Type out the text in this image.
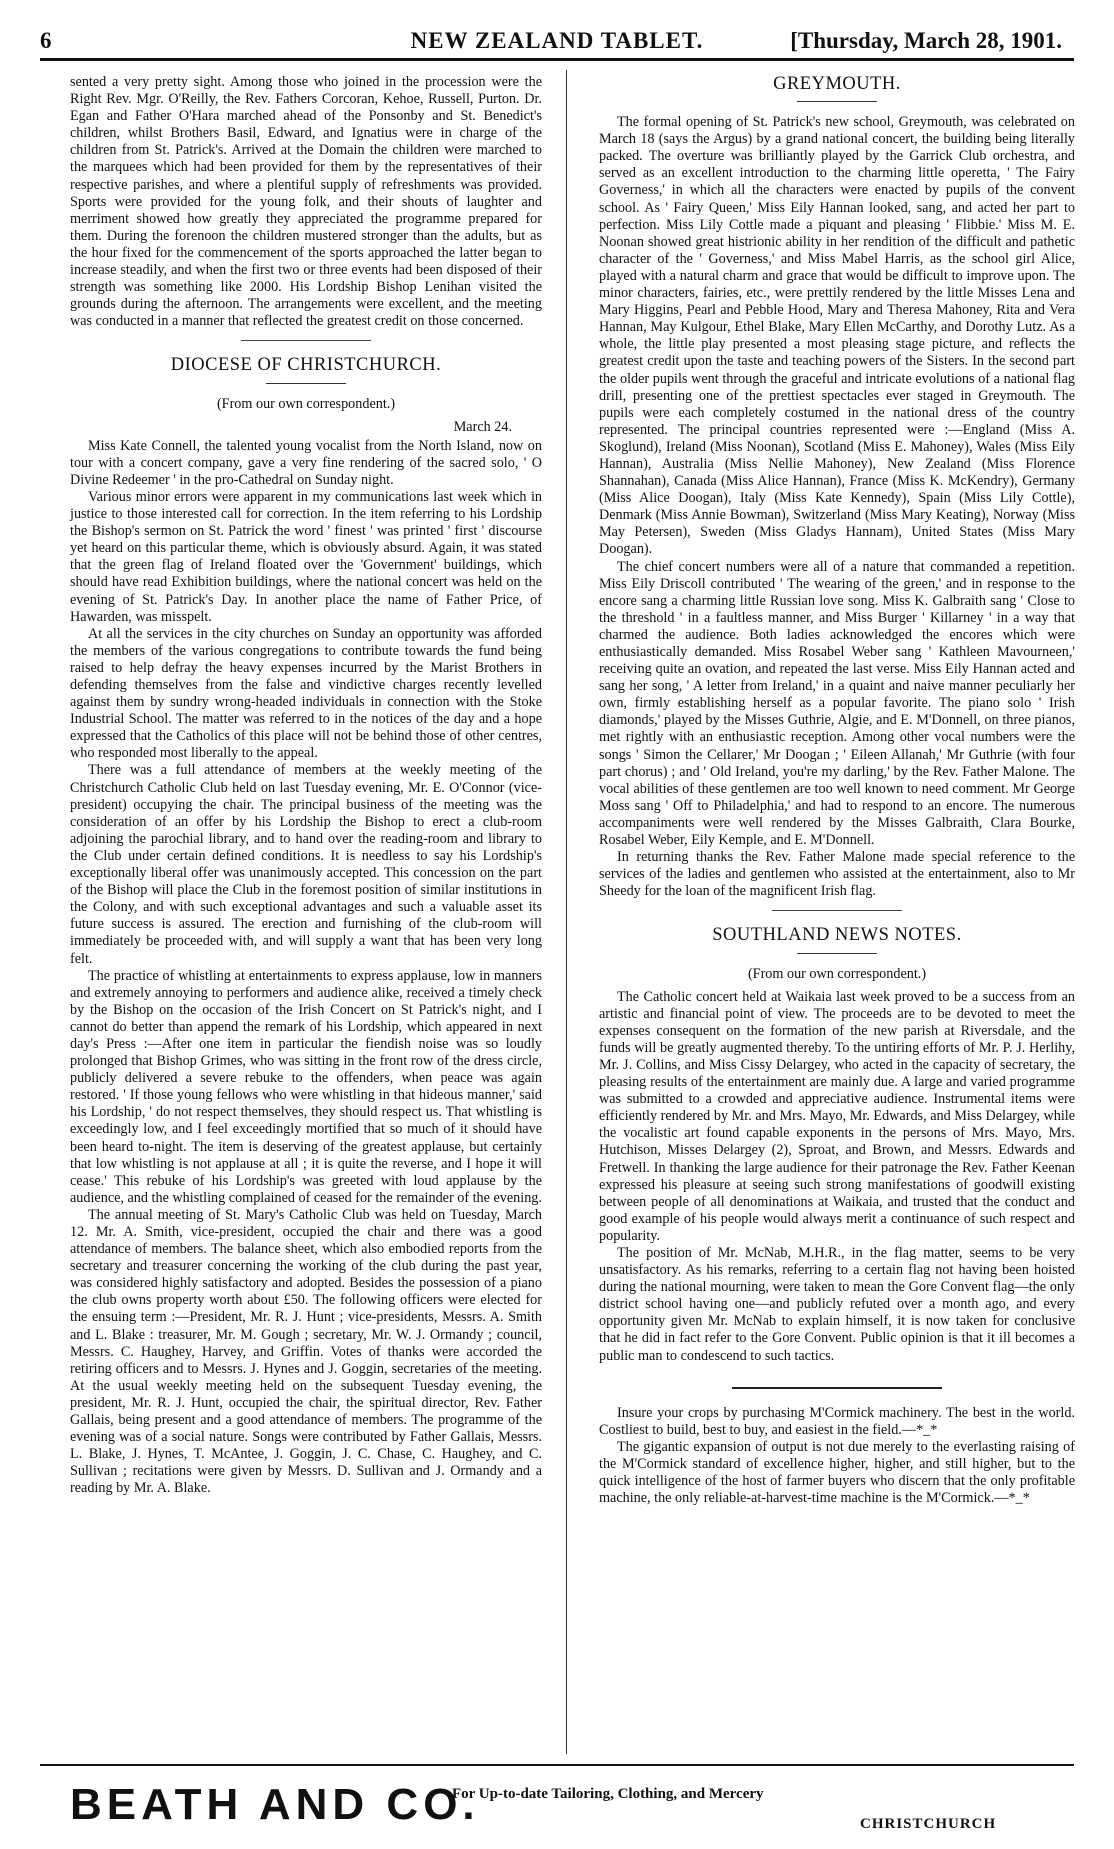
6	NEW ZEALAND TABLET.	[Thursday, March 28, 1901.

sented a very pretty sight. Among those who joined in the procession were the Right Rev. Mgr. O'Reilly, the Rev. Fathers Corcoran, Kehoe, Russell, Purton. Dr. Egan and Father O'Hara marched ahead of the Ponsonby and St. Benedict's children, whilst Brothers Basil, Edward, and Ignatius were in charge of the children from St. Patrick's. Arrived at the Domain the children were marched to the marquees which had been provided for them by the representatives of their respective parishes, and where a plentiful supply of refreshments was provided. Sports were provided for the young folk, and their shouts of laughter and merriment showed how greatly they appreciated the programme prepared for them. During the forenoon the children mustered stronger than the adults, but as the hour fixed for the commencement of the sports approached the latter began to increase steadily, and when the first two or three events had been disposed of their strength was something like 2000. His Lordship Bishop Lenihan visited the grounds during the afternoon. The arrangements were excellent, and the meeting was conducted in a manner that reflected the greatest credit on those concerned.

DIOCESE OF CHRISTCHURCH.
(From our own correspondent.)
March 24.

Miss Kate Connell, the talented young vocalist from the North Island, now on tour with a concert company, gave a very fine rendering of the sacred solo, ' O Divine Redeemer ' in the pro-Cathedral on Sunday night.

Various minor errors were apparent in my communications last week which in justice to those interested call for correction. In the item referring to his Lordship the Bishop's sermon on St. Patrick the word ' finest ' was printed ' first ' discourse yet heard on this particular theme, which is obviously absurd. Again, it was stated that the green flag of Ireland floated over the 'Government' buildings, which should have read Exhibition buildings, where the national concert was held on the evening of St. Patrick's Day. In another place the name of Father Price, of Hawarden, was misspelt.

At all the services in the city churches on Sunday an opportunity was afforded the members of the various congregations to contribute towards the fund being raised to help defray the heavy expenses incurred by the Marist Brothers in defending themselves from the false and vindictive charges recently levelled against them by sundry wrong-headed individuals in connection with the Stoke Industrial School. The matter was referred to in the notices of the day and a hope expressed that the Catholics of this place will not be behind those of other centres, who responded most liberally to the appeal.

There was a full attendance of members at the weekly meeting of the Christchurch Catholic Club held on last Tuesday evening, Mr. E. O'Connor (vice-president) occupying the chair. The principal business of the meeting was the consideration of an offer by his Lordship the Bishop to erect a club-room adjoining the parochial library, and to hand over the reading-room and library to the Club under certain defined conditions. It is needless to say his Lordship's exceptionally liberal offer was unanimously accepted. This concession on the part of the Bishop will place the Club in the foremost position of similar institutions in the Colony, and with such exceptional advantages and such a valuable asset its future success is assured. The erection and furnishing of the club-room will immediately be proceeded with, and will supply a want that has been very long felt.

The practice of whistling at entertainments to express applause, low in manners and extremely annoying to performers and audience alike, received a timely check by the Bishop on the occasion of the Irish Concert on St Patrick's night, and I cannot do better than append the remark of his Lordship, which appeared in next day's Press :—After one item in particular the fiendish noise was so loudly prolonged that Bishop Grimes, who was sitting in the front row of the dress circle, publicly delivered a severe rebuke to the offenders, when peace was again restored. ' If those young fellows who were whistling in that hideous manner,' said his Lordship, ' do not respect themselves, they should respect us. That whistling is exceedingly low, and I feel exceedingly mortified that so much of it should have been heard to-night. The item is deserving of the greatest applause, but certainly that low whistling is not applause at all ; it is quite the reverse, and I hope it will cease.' This rebuke of his Lordship's was greeted with loud applause by the audience, and the whistling complained of ceased for the remainder of the evening.

The annual meeting of St. Mary's Catholic Club was held on Tuesday, March 12. Mr. A. Smith, vice-president, occupied the chair and there was a good attendance of members. The balance sheet, which also embodied reports from the secretary and treasurer concerning the working of the club during the past year, was considered highly satisfactory and adopted. Besides the possession of a piano the club owns property worth about £50. The following officers were elected for the ensuing term :—President, Mr. R. J. Hunt ; vice-presidents, Messrs. A. Smith and L. Blake : treasurer, Mr. M. Gough ; secretary, Mr. W. J. Ormandy ; council, Messrs. C. Haughey, Harvey, and Griffin. Votes of thanks were accorded the retiring officers and to Messrs. J. Hynes and J. Goggin, secretaries of the meeting. At the usual weekly meeting held on the subsequent Tuesday evening, the president, Mr. R. J. Hunt, occupied the chair, the spiritual director, Rev. Father Gallais, being present and a good attendance of members. The programme of the evening was of a social nature. Songs were contributed by Father Gallais, Messrs. L. Blake, J. Hynes, T. McAntee, J. Goggin, J. C. Chase, C. Haughey, and C. Sullivan ; recitations were given by Messrs. D. Sullivan and J. Ormandy and a reading by Mr. A. Blake.

GREYMOUTH.

The formal opening of St. Patrick's new school, Greymouth, was celebrated on March 18 (says the Argus) by a grand national concert, the building being literally packed. The overture was brilliantly played by the Garrick Club orchestra, and served as an excellent introduction to the charming little operetta, ' The Fairy Governess,' in which all the characters were enacted by pupils of the convent school. As ' Fairy Queen,' Miss Eily Hannan looked, sang, and acted her part to perfection. Miss Lily Cottle made a piquant and pleasing ' Flibbie.' Miss M. E. Noonan showed great histrionic ability in her rendition of the difficult and pathetic character of the ' Governess,' and Miss Mabel Harris, as the school girl Alice, played with a natural charm and grace that would be difficult to improve upon. The minor characters, fairies, etc., were prettily rendered by the little Misses Lena and Mary Higgins, Pearl and Pebble Hood, Mary and Theresa Mahoney, Rita and Vera Hannan, May Kulgour, Ethel Blake, Mary Ellen McCarthy, and Dorothy Lutz. As a whole, the little play presented a most pleasing stage picture, and reflects the greatest credit upon the taste and teaching powers of the Sisters. In the second part the older pupils went through the graceful and intricate evolutions of a national flag drill, presenting one of the prettiest spectacles ever staged in Greymouth. The pupils were each completely costumed in the national dress of the country represented. The principal countries represented were :—England (Miss A. Skoglund), Ireland (Miss Noonan), Scotland (Miss E. Mahoney), Wales (Miss Eily Hannan), Australia (Miss Nellie Mahoney), New Zealand (Miss Florence Shannahan), Canada (Miss Alice Hannan), France (Miss K. McKendry), Germany (Miss Alice Doogan), Italy (Miss Kate Kennedy), Spain (Miss Lily Cottle), Denmark (Miss Annie Bowman), Switzerland (Miss Mary Keating), Norway (Miss May Petersen), Sweden (Miss Gladys Hannam), United States (Miss Mary Doogan).

The chief concert numbers were all of a nature that commanded a repetition. Miss Eily Driscoll contributed ' The wearing of the green,' and in response to the encore sang a charming little Russian love song. Miss K. Galbraith sang ' Close to the threshold ' in a faultless manner, and Miss Burger ' Killarney ' in a way that charmed the audience. Both ladies acknowledged the encores which were enthusiastically demanded. Miss Rosabel Weber sang ' Kathleen Mavourneen,' receiving quite an ovation, and repeated the last verse. Miss Eily Hannan acted and sang her song, ' A letter from Ireland,' in a quaint and naive manner peculiarly her own, firmly establishing herself as a popular favorite. The piano solo ' Irish diamonds,' played by the Misses Guthrie, Algie, and E. M'Donnell, on three pianos, met rightly with an enthusiastic reception. Among other vocal numbers were the songs ' Simon the Cellarer,' Mr Doogan ; ' Eileen Allanah,' Mr Guthrie (with four part chorus) ; and ' Old Ireland, you're my darling,' by the Rev. Father Malone. The vocal abilities of these gentlemen are too well known to need comment. Mr George Moss sang ' Off to Philadelphia,' and had to respond to an encore. The numerous accompaniments were well rendered by the Misses Galbraith, Clara Bourke, Rosabel Weber, Eily Kemple, and E. M'Donnell.

In returning thanks the Rev. Father Malone made special reference to the services of the ladies and gentlemen who assisted at the entertainment, also to Mr Sheedy for the loan of the magnificent Irish flag.

SOUTHLAND NEWS NOTES.
(From our own correspondent.)

The Catholic concert held at Waikaia last week proved to be a success from an artistic and financial point of view. The proceeds are to be devoted to meet the expenses consequent on the formation of the new parish at Riversdale, and the funds will be greatly augmented thereby. To the untiring efforts of Mr. P. J. Herlihy, Mr. J. Collins, and Miss Cissy Delargey, who acted in the capacity of secretary, the pleasing results of the entertainment are mainly due. A large and varied programme was submitted to a crowded and appreciative audience. Instrumental items were efficiently rendered by Mr. and Mrs. Mayo, Mr. Edwards, and Miss Delargey, while the vocalistic art found capable exponents in the persons of Mrs. Mayo, Mrs. Hutchison, Misses Delargey (2), Sproat, and Brown, and Messrs. Edwards and Fretwell. In thanking the large audience for their patronage the Rev. Father Keenan expressed his pleasure at seeing such strong manifestations of goodwill existing between people of all denominations at Waikaia, and trusted that the conduct and good example of his people would always merit a continuance of such respect and popularity.

The position of Mr. McNab, M.H.R., in the flag matter, seems to be very unsatisfactory. As his remarks, referring to a certain flag not having been hoisted during the national mourning, were taken to mean the Gore Convent flag—the only district school having one—and publicly refuted over a month ago, and every opportunity given Mr. McNab to explain himself, it is now taken for conclusive that he did in fact refer to the Gore Convent. Public opinion is that it ill becomes a public man to condescend to such tactics.

Insure your crops by purchasing M'Cormick machinery. The best in the world. Costliest to build, best to buy, and easiest in the field.—*_*

The gigantic expansion of output is not due merely to the everlasting raising of the M'Cormick standard of excellence higher, higher, and still higher, but to the quick intelligence of the host of farmer buyers who discern that the only profitable machine, the only reliable-at-harvest-time machine is the M'Cormick.—*_*

BEATH AND CO.
For Up-to-date Tailoring, Clothing, and Mercery
CHRISTCHURCH
